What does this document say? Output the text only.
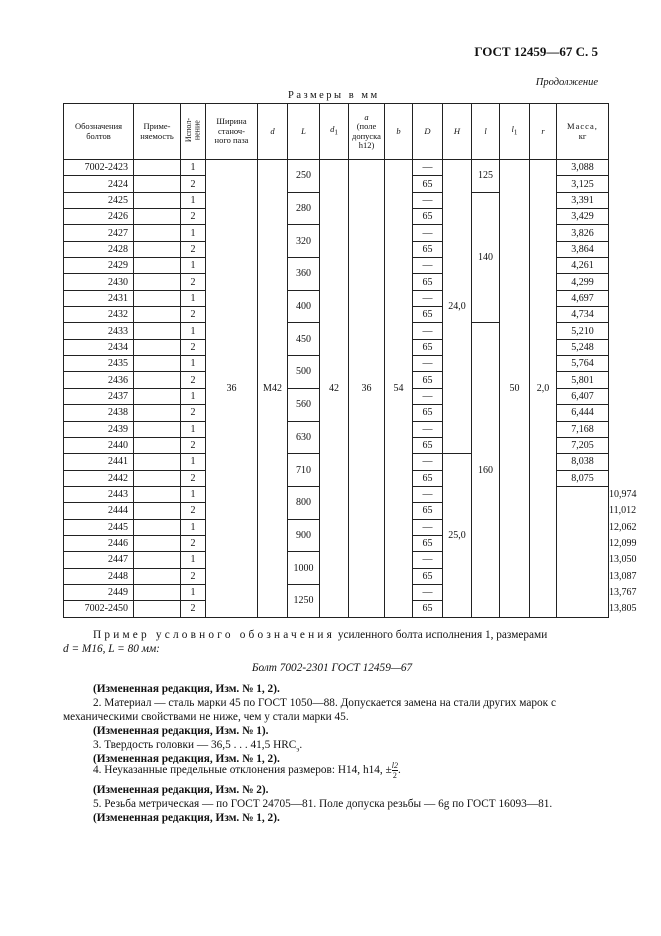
ГОСТ 12459—67 С. 5
Продолжение
Размеры в мм
Обозначения
болтов	Приме-
няемость	Испол-
нение	Ширина
станоч-
ного паза	d	L	$d_1$	a
(поле
допуска
h12)	b	D	H	l	$l_1$	r	Масса,
кг	
7002-2423		1	36	M42	250	42	36	54	—	24,0	125	50	2,0	3,088	
2424		2							65					3,125	
2425		1			280				—		140			3,391	
2426		2							65					3,429	
2427		1			320				—					3,826	
2428		2							65					3,864	
2429		1			360				—					4,261	
2430		2							65					4,299	
2431		1			400				—					4,697	
2432		2							65					4,734	
2433		1			450				—		160			5,210	
2434		2							65					5,248	
2435		1			500				—					5,764	
2436		2							65					5,801	
2437		1			560				—					6,407	
2438		2							65					6,444	
2439		1			630				—					7,168	
2440		2							65					7,205	
2441		1			710				—	25,0				8,038	
2442		2							65					8,075	
2443		1			800				—						10,974
2444		2							65						11,012
2445		1			900				—						12,062
2446		2							65						12,099
2447		1			1000				—						13,050
2448		2							65						13,087
2449		1			1250				—						13,767
7002-2450		2							65						13,805
Пример условного обозначения усиленного болта исполнения 1, размерами
d = M16, L = 80 мм:
Болт 7002-2301 ГОСТ 12459—67
(Измененная редакция, Изм. № 1, 2).
2. Материал — сталь марки 45 по ГОСТ 1050—88. Допускается замена на стали других марок с механическими свойствами не ниже, чем у стали марки 45.
(Измененная редакция, Изм. № 1).
3. Твердость головки — 36,5 . . . 41,5 $HRC_э$.
(Измененная редакция, Изм. № 1, 2).
4. Неуказанные предельные отклонения размеров: H14, h14, ± $\frac{l2}{2}$ .
(Измененная редакция, Изм. № 2).
5. Резьба метрическая — по ГОСТ 24705—81. Поле допуска резьбы — 6g по ГОСТ 16093—81.
(Измененная редакция, Изм. № 1, 2).
